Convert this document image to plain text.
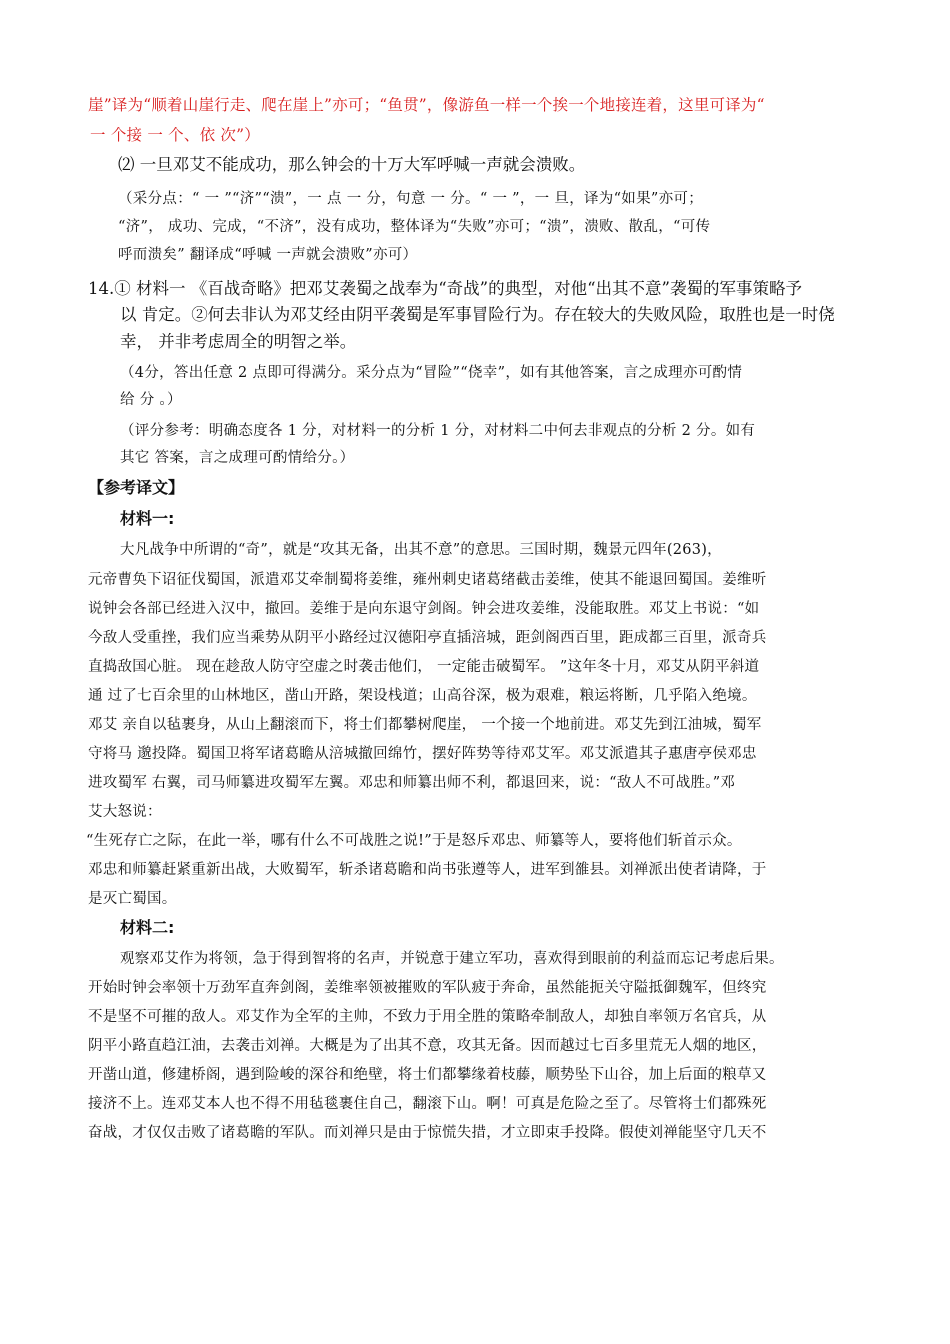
崖”译为“顺着山崖行走、爬在崖上”亦可；“鱼贯”，像游鱼一样一个挨一个地接连着，这里可译为“

一 个接 一 个、依 次”）

⑵ 一旦邓艾不能成功，那么钟会的十万大军呼喊一声就会溃败。

（采分点：“ 一 ”“济”“溃”，一 点 一 分，句意 一 分。“ 一 ”，一 旦，译为“如果”亦可；

“济”， 成功、完成，“不济”，没有成功，整体译为“失败”亦可；“溃”，溃败、散乱，“可传

呼而溃矣” 翻译成“呼喊 一声就会溃败”亦可）

14.① 材料一 《百战奇略》把邓艾袭蜀之战奉为“奇战”的典型，对他“出其不意”袭蜀的军事策略予

以 肯定。②何去非认为邓艾经由阴平袭蜀是军事冒险行为。存在较大的失败风险，取胜也是一时侥

幸， 并非考虑周全的明智之举。

（4分，答出任意 2 点即可得满分。采分点为“冒险”“侥幸”，如有其他答案，言之成理亦可酌情

给 分 。）

（评分参考：明确态度各 1 分，对材料一的分析 1 分，对材料二中何去非观点的分析 2 分。如有

其它 答案，言之成理可酌情给分。）

【参考译文】

材料一:

大凡战争中所谓的“奇”，就是“攻其无备，出其不意”的意思。三国时期，魏景元四年(263)，

元帝曹奂下诏征伐蜀国，派遣邓艾牵制蜀将姜维，雍州刺史诸葛绪截击姜维，使其不能退回蜀国。姜维听

说钟会各部已经进入汉中，撤回。姜维于是向东退守剑阁。钟会进攻姜维，没能取胜。邓艾上书说：“如

今敌人受重挫，我们应当乘势从阴平小路经过汉德阳亭直插涪城，距剑阁西百里，距成都三百里，派奇兵

直捣敌国心脏。 现在趁敌人防守空虚之时袭击他们， 一定能击破蜀军。 ”这年冬十月，邓艾从阴平斜道

通 过了七百余里的山林地区，凿山开路，架设栈道；山高谷深，极为艰难，粮运将断，几乎陷入绝境。

邓艾 亲自以毡裹身，从山上翻滚而下，将士们都攀树爬崖， 一个接一个地前进。邓艾先到江油城，蜀军

守将马 邈投降。蜀国卫将军诸葛瞻从涪城撤回绵竹，摆好阵势等待邓艾军。邓艾派遣其子惠唐亭侯邓忠

进攻蜀军 右翼，司马师纂进攻蜀军左翼。邓忠和师纂出师不利，都退回来，说：“敌人不可战胜。”邓

艾大怒说：

“生死存亡之际，在此一举，哪有什么不可战胜之说!”于是怒斥邓忠、师纂等人，要将他们斩首示众。

邓忠和师纂赶紧重新出战，大败蜀军，斩杀诸葛瞻和尚书张遵等人，进军到雒县。刘禅派出使者请降，于

是灭亡蜀国。

材料二:

观察邓艾作为将领，急于得到智将的名声，并锐意于建立军功，喜欢得到眼前的利益而忘记考虑后果。

开始时钟会率领十万劲军直奔剑阁，姜维率领被摧败的军队疲于奔命，虽然能扼关守隘抵御魏军，但终究

不是坚不可摧的敌人。邓艾作为全军的主帅，不致力于用全胜的策略牵制敌人，却独自率领万名官兵，从

阴平小路直趋江油，去袭击刘禅。大概是为了出其不意，攻其无备。因而越过七百多里荒无人烟的地区，

开凿山道，修建桥阁，遇到险峻的深谷和绝壁，将士们都攀缘着枝藤，顺势坠下山谷，加上后面的粮草又

接济不上。连邓艾本人也不得不用毡毯裹住自己，翻滚下山。啊！可真是危险之至了。尽管将士们都殊死

奋战，才仅仅击败了诸葛瞻的军队。而刘禅只是由于惊慌失措，才立即束手投降。假使刘禅能坚守几天不
